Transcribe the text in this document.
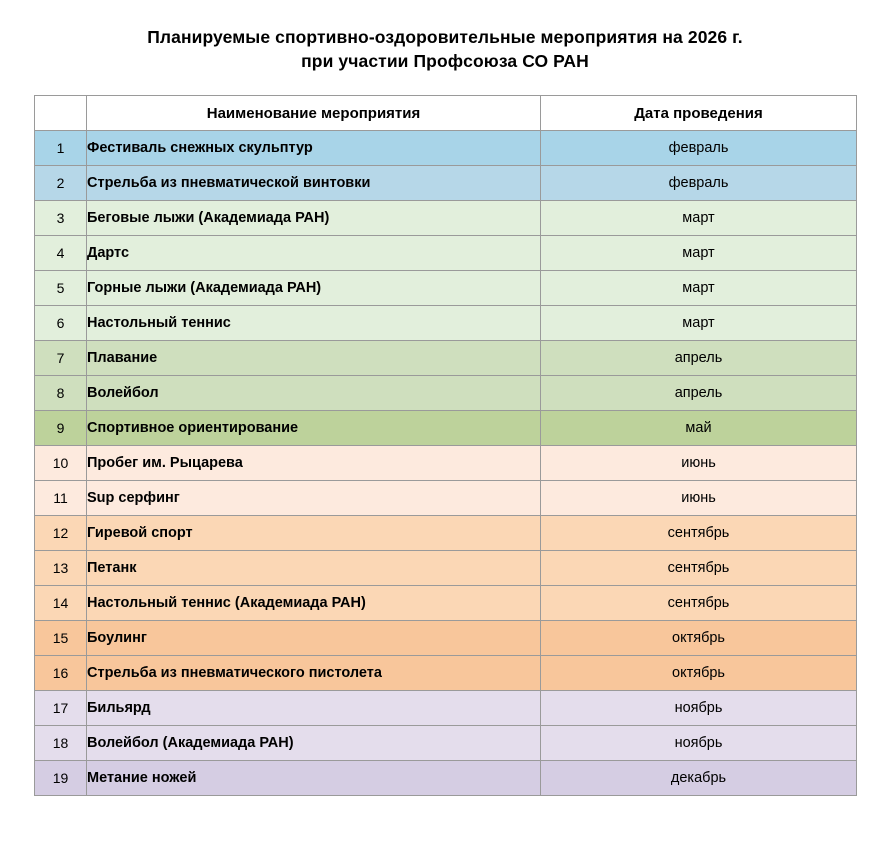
Планируемые спортивно-оздоровительные мероприятия на 2026 г.
при участии Профсоюза СО РАН
	Наименование мероприятия	Дата проведения
1	Фестиваль снежных скульптур	февраль
2	Стрельба из пневматической винтовки	февраль
3	Беговые лыжи (Академиада РАН)	март
4	Дартс	март
5	Горные лыжи (Академиада РАН)	март
6	Настольный теннис	март
7	Плавание	апрель
8	Волейбол	апрель
9	Спортивное ориентирование	май
10	Пробег им. Рыцарева	июнь
11	Sup серфинг	июнь
12	Гиревой спорт	сентябрь
13	Петанк	сентябрь
14	Настольный теннис (Академиада РАН)	сентябрь
15	Боулинг	октябрь
16	Стрельба из пневматического пистолета	октябрь
17	Бильярд	ноябрь
18	Волейбол (Академиада РАН)	ноябрь
19	Метание ножей	декабрь
